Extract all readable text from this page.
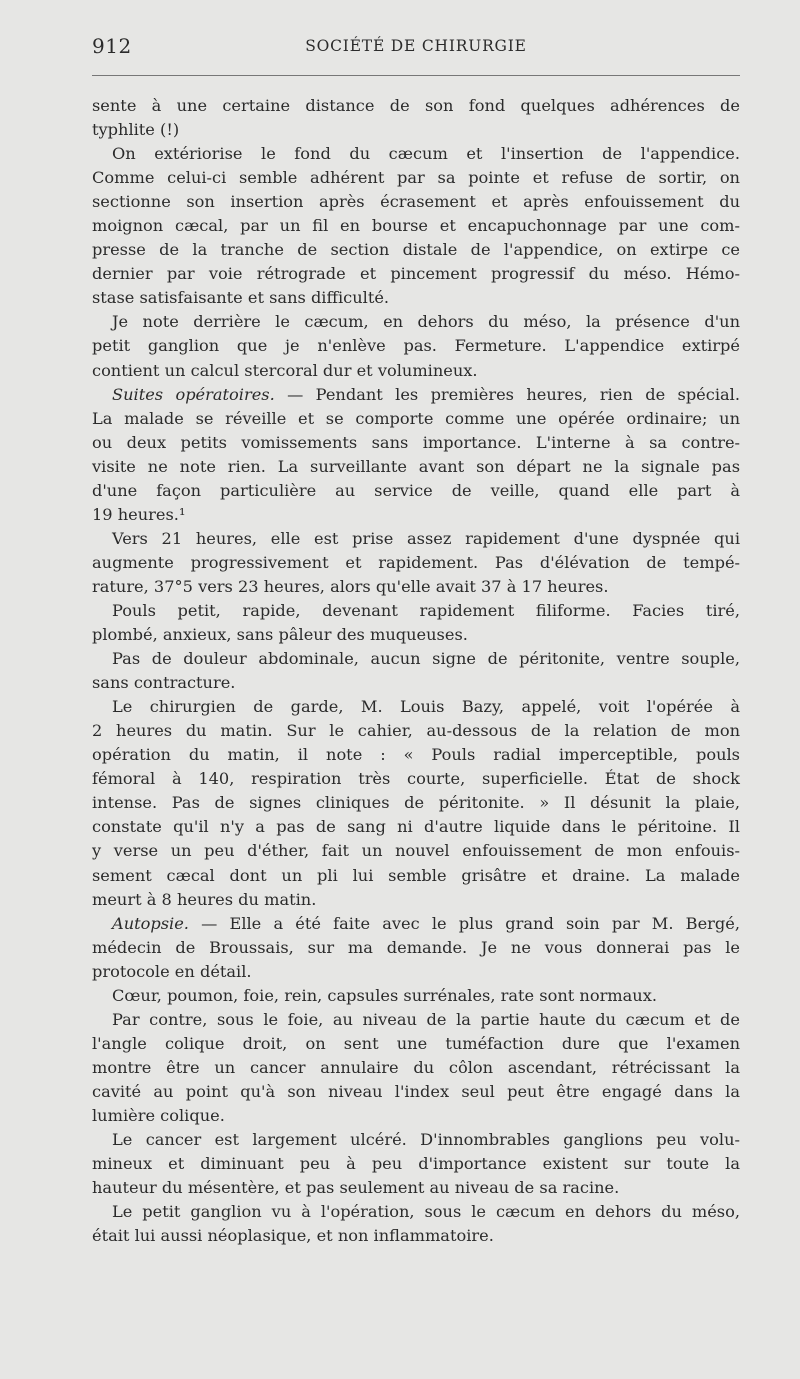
912	SOCIÉTÉ DE CHIRURGIE
sente à une certaine distance de son fond quelques adhérences de
typhlite (!)
On extériorise le fond du cæcum et l'insertion de l'appendice.
Comme celui-ci semble adhérent par sa pointe et refuse de sortir, on
sectionne son insertion après écrasement et après enfouissement du
moignon cæcal, par un fil en bourse et encapuchonnage par une com-
presse de la tranche de section distale de l'appendice, on extirpe ce
dernier par voie rétrograde et pincement progressif du méso. Hémo-
stase satisfaisante et sans difficulté.
Je note derrière le cæcum, en dehors du méso, la présence d'un
petit ganglion que je n'enlève pas. Fermeture. L'appendice extirpé
contient un calcul stercoral dur et volumineux.
Suites opératoires. — Pendant les premières heures, rien de spécial.
La malade se réveille et se comporte comme une opérée ordinaire; un
ou deux petits vomissements sans importance. L'interne à sa contre-
visite ne note rien. La surveillante avant son départ ne la signale pas
d'une façon particulière au service de veille, quand elle part à
19 heures.¹
Vers 21 heures, elle est prise assez rapidement d'une dyspnée qui
augmente progressivement et rapidement. Pas d'élévation de tempé-
rature, 37°5 vers 23 heures, alors qu'elle avait 37 à 17 heures.
Pouls petit, rapide, devenant rapidement filiforme. Facies tiré,
plombé, anxieux, sans pâleur des muqueuses.
Pas de douleur abdominale, aucun signe de péritonite, ventre souple,
sans contracture.
Le chirurgien de garde, M. Louis Bazy, appelé, voit l'opérée à
2 heures du matin. Sur le cahier, au-dessous de la relation de mon
opération du matin, il note : « Pouls radial imperceptible, pouls
fémoral à 140, respiration très courte, superficielle. État de shock
intense. Pas de signes cliniques de péritonite. » Il désunit la plaie,
constate qu'il n'y a pas de sang ni d'autre liquide dans le péritoine. Il
y verse un peu d'éther, fait un nouvel enfouissement de mon enfouis-
sement cæcal dont un pli lui semble grisâtre et draine. La malade
meurt à 8 heures du matin.
Autopsie. — Elle a été faite avec le plus grand soin par M. Bergé,
médecin de Broussais, sur ma demande. Je ne vous donnerai pas le
protocole en détail.
Cœur, poumon, foie, rein, capsules surrénales, rate sont normaux.
Par contre, sous le foie, au niveau de la partie haute du cæcum et de
l'angle colique droit, on sent une tuméfaction dure que l'examen
montre être un cancer annulaire du côlon ascendant, rétrécissant la
cavité au point qu'à son niveau l'index seul peut être engagé dans la
lumière colique.
Le cancer est largement ulcéré. D'innombrables ganglions peu volu-
mineux et diminuant peu à peu d'importance existent sur toute la
hauteur du mésentère, et pas seulement au niveau de sa racine.
Le petit ganglion vu à l'opération, sous le cæcum en dehors du méso,
était lui aussi néoplasique, et non inflammatoire.
